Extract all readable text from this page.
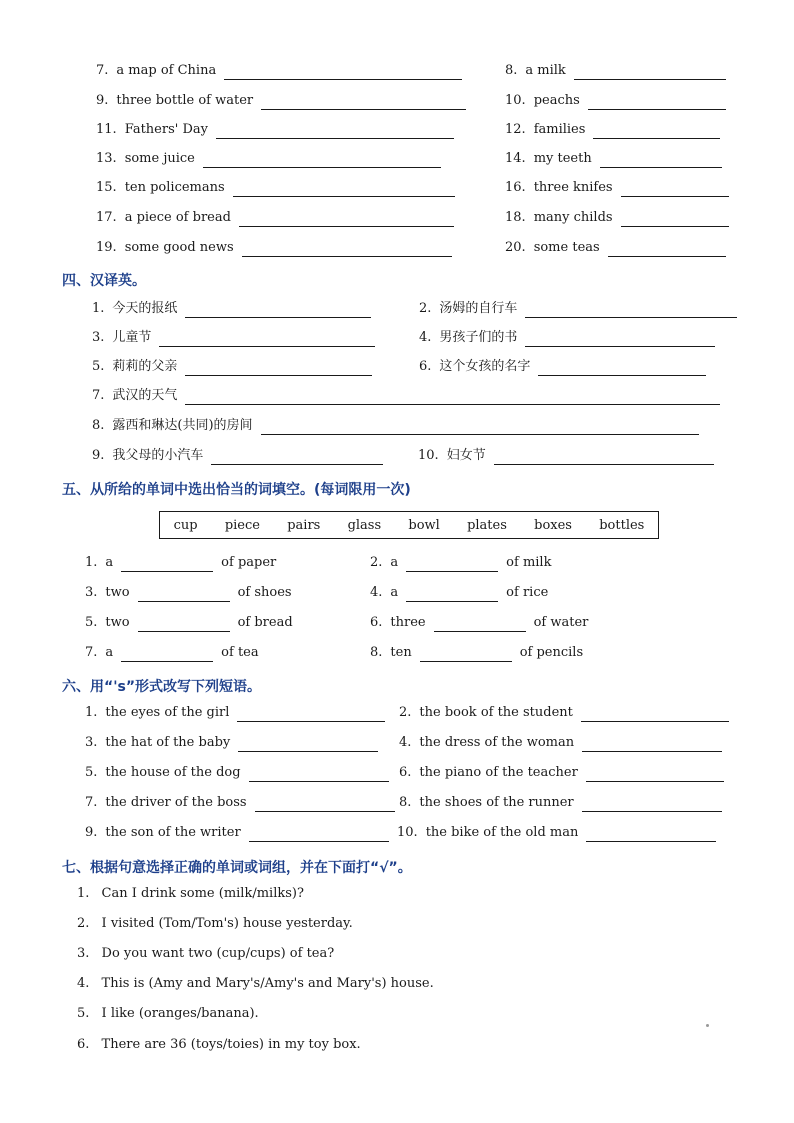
7. a map of China	8. a milk
9. three bottle of water	10. peachs
11. Fathers' Day	12. families
13. some juice	14. my teeth
15. ten policemans	16. three knifes
17. a piece of bread	18. many childs
19. some good news	20. some teas
四、汉译英。
1. 今天的报纸	2. 汤姆的自行车
3. 儿童节	4. 男孩子们的书
5. 莉莉的父亲	6. 这个女孩的名字
7. 武汉的天气
8. 露西和琳达(共同)的房间
9. 我父母的小汽车	10. 妇女节
五、从所给的单词中选出恰当的词填空。(每词限用一次)
cup piece pairs glass bowl plates boxes bottles
1. a	of paper	2. a	of milk
3. two	of shoes	4. a	of rice
5. two	of bread	6. three	of water
7. a	of tea	8. ten	of pencils
六、用“'s”形式改写下列短语。
1. the eyes of the girl	2. the book of the student
3. the hat of the baby	4. the dress of the woman
5. the house of the dog	6. the piano of the teacher
7. the driver of the boss	8. the shoes of the runner
9. the son of the writer	10. the bike of the old man
七、根据句意选择正确的单词或词组，并在下面打“√”。
1. Can I drink some (milk/milks)?
2. I visited (Tom/Tom's) house yesterday.
3. Do you want two (cup/cups) of tea?
4. This is (Amy and Mary's/Amy's and Mary's) house.
5. I like (oranges/banana).
6. There are 36 (toys/toies) in my toy box.
